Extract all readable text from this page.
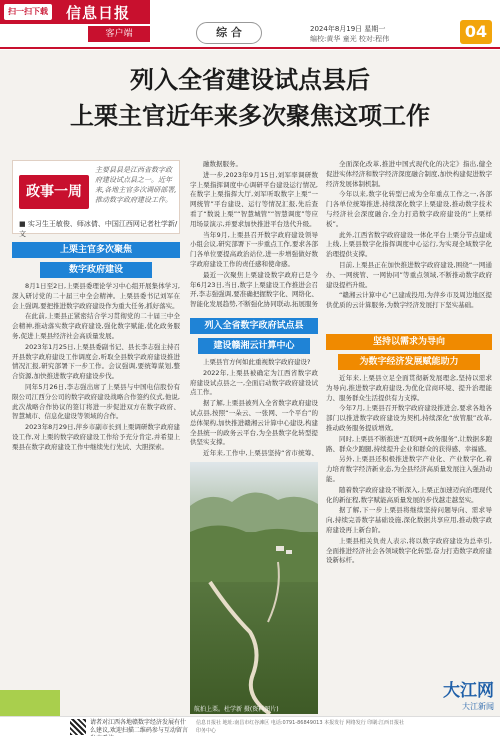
扫一扫下载 信息日报
客户端	综 合	2024年8月19日 星期一
编校:黄华 童光 校对:程伟	04
列入全省建设试点县后
上栗主官近年来多次聚焦这项工作
政事一周
主要县县是江西省数字政府建设试点县之一。近年来,各地主官多次调研部署,推动数字政府建设工作。
■ 实习生王敏俊、师冰倩、中国江西网记者杜学新/文
上栗主官多次聚焦
数字政府建设

8月1日至2日,上栗县委理论学习中心组开展集体学习,深入研讨党的二十届三中全会精神。上栗县委书记刘军在会上强调,要把推进数字政府建设作为重大任务,抓好落实。

在此前,上栗县正紧密结合学习贯彻党的二十届三中全会精神,推动落实数字政府建设,强化数字赋能,优化政务服务,促进上栗县经济社会高质量发展。

2023年1月25日,上栗县委副书记、县长李志强主持召开县数字政府建设工作调度会,听取全县数字政府建设推进情况汇报,研究部署下一步工作。会议强调,要统筹谋划,整合资源,加快推进数字政府建设步伐。

同年5月26日,李志强出席了上栗县与中国电信股份有限公司江西分公司的数字政府建设战略合作签约仪式,他说,此次战略合作协议的签订将进一步促进双方在数字政府、智慧城市、信息化建设等领域的合作。

2023年8月29日,萍乡市副市长到上栗调研数字政府建设工作,对上栗的数字政府建设工作给予充分肯定,并希望上栗县在数字政府建设工作中继续先行先试、大胆探索。

融数据服务。

进一步,2023年9月15日,刘军率调研数字上栗指挥调度中心调研平台建设运行情况,在数字上栗指挥大厅,刘军听取数字上栗“一网统管”平台建设、运行等情况汇报,先后查看了“数说上栗”“智慧城管”“智慧调度”等应用场景演示,并要求加快推进平台迭代升级。

当年9月,上栗县召开数字政府建设领导小组会议,研究部署下一步重点工作,要求各部门各单位要提高政治站位,进一步增强做好数字政府建设工作的责任感和使命感。

最近一次聚焦上栗建设数字政府已是今年6月23日,当日,数字上栗建设工作推进会召开,李志强强调,要准确把握数字化、网络化、智能化发展趋势,不断强化协同联动,拓展服务

列入全省数字政府试点县
建设赣湘云计算中心

上栗县官方何如此重视数字政府建设?

2022年,上栗县被确定为江西省数字政府建设试点县之一,全面启动数字政府建设试点工作。

据了解,上栗县被列入全省数字政府建设试点县,按照“一朵云、一张网、一个平台”的总体架构,加快推进赣湘云计算中心建设,构建全县统一的政务云平台,为全县数字化转型提供坚实支撑。

近年来,工作中,上栗县坚持“省市统筹、

航拍上栗。杜学新 摄(资料图片)

全面深化改革,推进中国式现代化的决定》指出,健全促进实体经济和数字经济深度融合制度,加快构建促进数字经济发展体制机制。

今年以来,数字化转型已成为全年重点工作之一,各部门各单位统筹推进,持续深化数字上栗建设,推动数字技术与经济社会深度融合,全力打造数字政府建设的“上栗样板”。

此外,江西省数字政府建设一体化平台上栗分节点建成上线,上栗县数字化指挥调度中心运行,为实现全域数字化治理提供支撑。

目前,上栗县正在加快推进数字政府建设,围绕“一网通办、一网统管、一网协同”等重点领域,不断推动数字政府建设提档升级。

“赣湘云计算中心”已建成投用,为萍乡市及周边地区提供优质的云计算服务,为数字经济发展打下坚实基础。

坚持以需求为导向
为数字经济发展赋能助力

近年来,上栗县立足全面贯彻新发展理念,坚持以需求为导向,推进数字政府建设,为优化营商环境、提升治理能力、服务群众生活提供有力支撑。

今年7月,上栗县召开数字政府建设推进会,要求各地各部门以推进数字政府建设为契机,持续深化“放管服”改革,推动政务服务提质增效。

同时,上栗县不断推进“互联网+政务服务”,让数据多跑路、群众少跑腿,持续提升企业和群众的获得感、幸福感。

另外,上栗县还积极推进数字产业化、产业数字化,着力培育数字经济新业态,为全县经济高质量发展注入强劲动能。

随着数字政府建设不断深入,上栗正加速迈向治理现代化的新征程,数字赋能高质量发展的步伐越走越坚实。

据了解,下一步上栗县将继续坚持问题导向、需求导向,持续完善数字基础设施,深化数据共享应用,推动数字政府建设再上新台阶。

上栗县相关负责人表示,将以数字政府建设为总牵引,全面推进经济社会各领域数字化转型,奋力打造数字政府建设新标杆。

大江网
大江新闻
请者对江西各地赣数字经济发展有什么建议,欢迎扫描二维码参与互动留言
信息日报社 地址:南昌市红谷滩区 电话:0791-86849013 本报发行 网络发行 印刷:江西日报社印务中心
